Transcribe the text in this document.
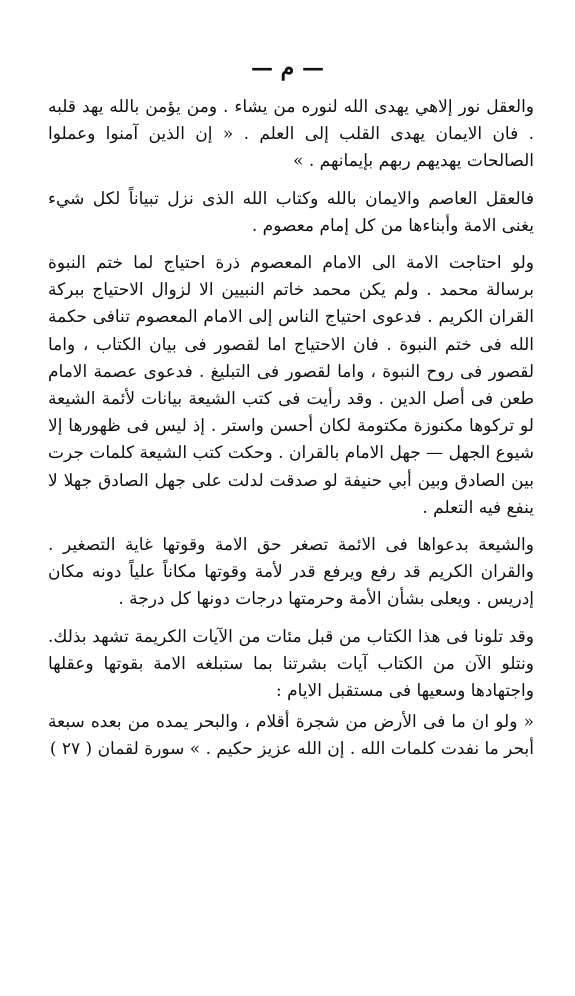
— م —

والعقل نور إلاهي يهدى الله لنوره من يشاء . ومن يؤمن بالله يهد قلبه . فان الايمان يهدى القلب إلى العلم . « إن الذين آمنوا وعملوا الصالحات يهديهم ربهم بإيمانهم . »

فالعقل العاصم والايمان بالله وكتاب الله الذى نزل تبياناً لكل شيء يغنى الامة وأبناءها من كل إمام معصوم .

ولو احتاجت الامة الى الامام المعصوم ذرة احتياج لما ختم النبوة برسالة محمد . ولم يكن محمد خاتم النبيين الا لزوال الاحتياج ببركة القران الكريم . فدعوى احتياج الناس إلى الامام المعصوم تنافى حكمة الله فى ختم النبوة . فان الاحتياج اما لقصور فى بيان الكتاب ، واما لقصور فى روح النبوة ، واما لقصور فى التبليغ . فدعوى عصمة الامام طعن فى أصل الدين . وقد رأيت فى كتب الشيعة بيانات لأئمة الشيعة لو تركوها مكنوزة مكتومة لكان أحسن واستر . إذ ليس فى ظهورها إلا شيوع الجهل — جهل الامام بالقران . وحكت كتب الشيعة كلمات جرت بين الصادق وبين أبي حنيفة لو صدقت لدلت على جهل الصادق جهلا لا ينفع فيه التعلم .

والشيعة بدعواها فى الائمة تصغر حق الامة وقوتها غاية التصغير . والقران الكريم قد رفع ويرفع قدر لأمة وقوتها مكاناً علياً دونه مكان إدريس . ويعلى بشأن الأمة وحرمتها درجات دونها كل درجة .

وقد تلونا فى هذا الكتاب من قبل مئات من الآيات الكريمة تشهد بذلك. ونتلو الآن من الكتاب آيات بشرتنا بما ستبلغه الامة بقوتها وعقلها واجتهادها وسعيها فى مستقبل الايام :

« ولو ان ما فى الأرض من شجرة أقلام ، والبحر يمده من بعده سبعة أبحر ما نفدت كلمات الله . إن الله عزيز حكيم . » سورة لقمان ( ٢٧ )
